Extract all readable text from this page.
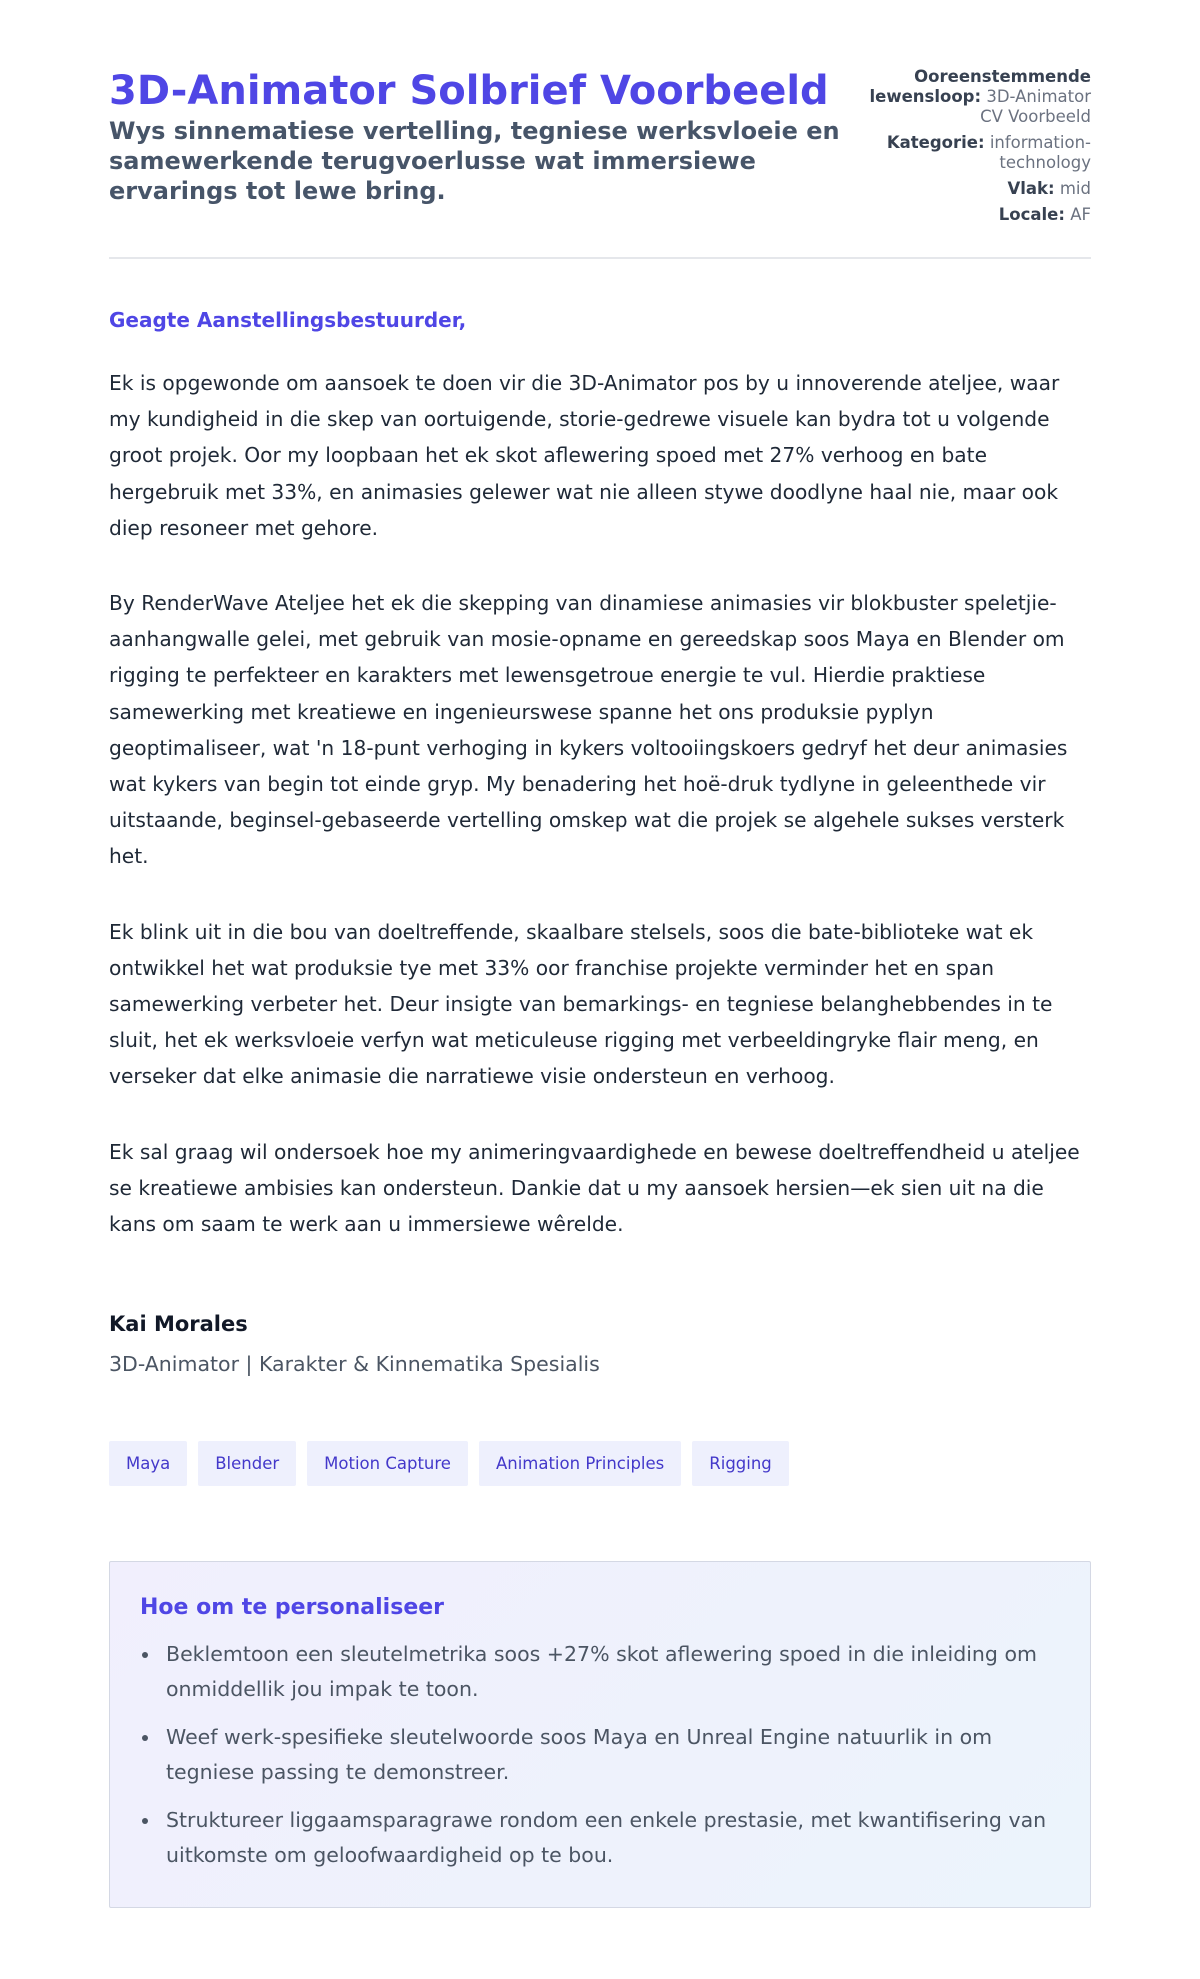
3D-Animator Solbrief Voorbeeld
Wys sinnematiese vertelling, tegniese werksvloeie en samewerkende terugvoerlusse wat immersiewe ervarings tot lewe bring.
Ooreenstemmende lewensloop: 3D-Animator CV Voorbeeld
Kategorie: information-technology
Vlak: mid
Locale: AF

Geagte Aanstellingsbestuurder,

Ek is opgewonde om aansoek te doen vir die 3D-Animator pos by u innoverende ateljee, waar my kundigheid in die skep van oortuigende, storie-gedrewe visuele kan bydra tot u volgende groot projek. Oor my loopbaan het ek skot aflewering spoed met 27% verhoog en bate hergebruik met 33%, en animasies gelewer wat nie alleen stywe doodlyne haal nie, maar ook diep resoneer met gehore.

By RenderWave Ateljee het ek die skepping van dinamiese animasies vir blokbuster speletjie-aanhangwalle gelei, met gebruik van mosie-opname en gereedskap soos Maya en Blender om rigging te perfekteer en karakters met lewensgetroue energie te vul. Hierdie praktiese samewerking met kreatiewe en ingenieurswese spanne het ons produksie pyplyn geoptimaliseer, wat 'n 18-punt verhoging in kykers voltooiingskoers gedryf het deur animasies wat kykers van begin tot einde gryp. My benadering het hoë-druk tydlyne in geleenthede vir uitstaande, beginsel-gebaseerde vertelling omskep wat die projek se algehele sukses versterk het.

Ek blink uit in die bou van doeltreffende, skaalbare stelsels, soos die bate-biblioteke wat ek ontwikkel het wat produksie tye met 33% oor franchise projekte verminder het en span samewerking verbeter het. Deur insigte van bemarkings- en tegniese belanghebbendes in te sluit, het ek werksvloeie verfyn wat meticuleuse rigging met verbeeldingryke flair meng, en verseker dat elke animasie die narratiewe visie ondersteun en verhoog.

Ek sal graag wil ondersoek hoe my animeringvaardighede en bewese doeltreffendheid u ateljee se kreatiewe ambisies kan ondersteun. Dankie dat u my aansoek hersien—ek sien uit na die kans om saam te werk aan u immersiewe wêrelde.

Kai Morales
3D-Animator | Karakter & Kinnematika Spesialis
Maya	Blender	Motion Capture	Animation Principles	Rigging
Hoe om te personaliseer
Beklemtoon een sleutelmetrika soos +27% skot aflewering spoed in die inleiding om onmiddellik jou impak te toon.
Weef werk-spesifieke sleutelwoorde soos Maya en Unreal Engine natuurlik in om tegniese passing te demonstreer.
Struktureer liggaamsparagrawe rondom een enkele prestasie, met kwantifisering van uitkomste om geloofwaardigheid op te bou.
